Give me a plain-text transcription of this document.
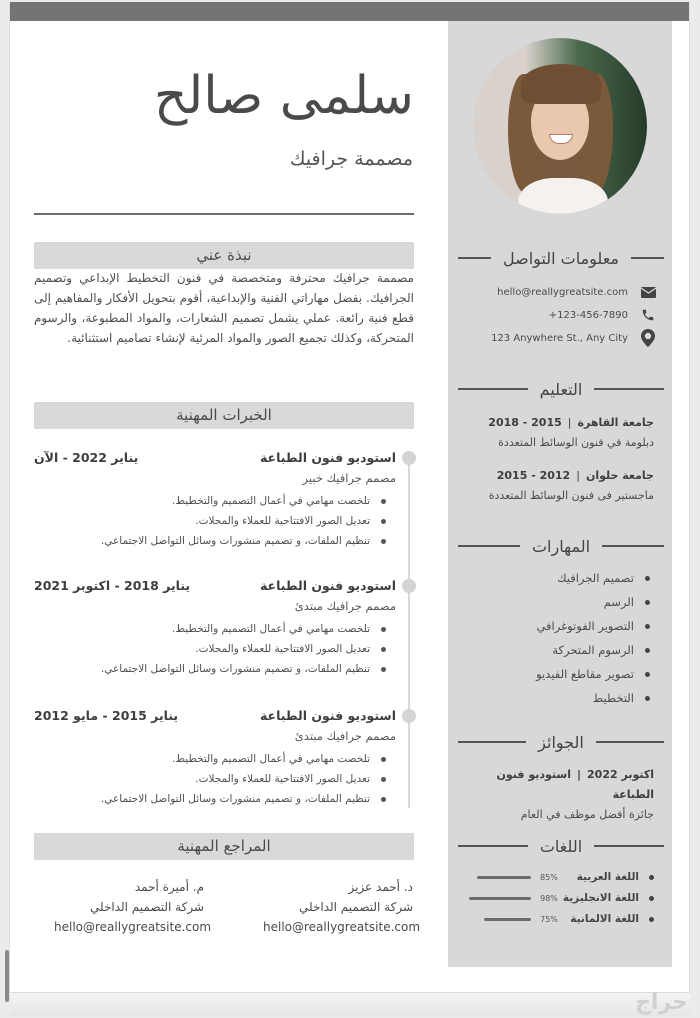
سلمى صالح
مصممة جرافيك
نبذة عني
مصممة جرافيك محترفة ومتخصصة في فنون التخطيط الإبداعي وتصميم الجرافيك. بفضل مهاراتي الفنية والإبداعية، أقوم بتحويل الأفكار والمفاهيم إلى قطع فنية رائعة. عملي يشمل تصميم الشعارات، والمواد المطبوعة، والرسوم المتحركة، وكذلك تجميع الصور والمواد المرئية لإنشاء تصاميم استثنائية.
الخبرات المهنية
استوديو فنون الطباعة
يناير 2022 - الآن
مصمم جرافيك خبير
تلخصت مهامي في أعمال التصميم والتخطيط.
تعديل الصور الافتتاحية للعملاء والمجلات.
تنظيم الملفات، و تصميم منشورات وسائل التواصل الاجتماعي.
استوديو فنون الطباعة
يناير 2018 - اكتوبر 2021
مصمم جرافيك مبتدئ
تلخصت مهامي في أعمال التصميم والتخطيط.
تعديل الصور الافتتاحية للعملاء والمجلات.
تنظيم الملفات، و تصميم منشورات وسائل التواصل الاجتماعي.
استوديو فنون الطباعة
يناير 2015 - مايو 2012
مصمم جرافيك مبتدئ
تلخصت مهامي في أعمال التصميم والتخطيط.
تعديل الصور الافتتاحية للعملاء والمجلات.
تنظيم الملفات، و تصميم منشورات وسائل التواصل الاجتماعي.
المراجع المهنية
د. أحمد عزيز
شركة التصميم الداخلي
hello@reallygreatsite.com
م. أميرة أحمد
شركة التصميم الداخلي
hello@reallygreatsite.com
معلومات التواصل
hello@reallygreatsite.com
+123-456-7890
123 Anywhere St., Any City
التعليم
جامعة القاهرة|2015 - 2018
دبلومة في فنون الوسائط المتعددة
جامعة حلوان|2012 - 2015
ماجستير فى فنون الوسائط المتعددة
المهارات
تصميم الجرافيك
الرسم
التصوير الفوتوغرافي
الرسوم المتحركة
تصوير مقاطع الفيديو
التخطيط
الجوائز
اكتوبر 2022|استوديو فنون الطباعة
جائزة أفضل موظف في العام
اللغات
اللغة العربية
85%
اللغة الانجليزية
98%
اللغة الالمانية
75%
حراج
